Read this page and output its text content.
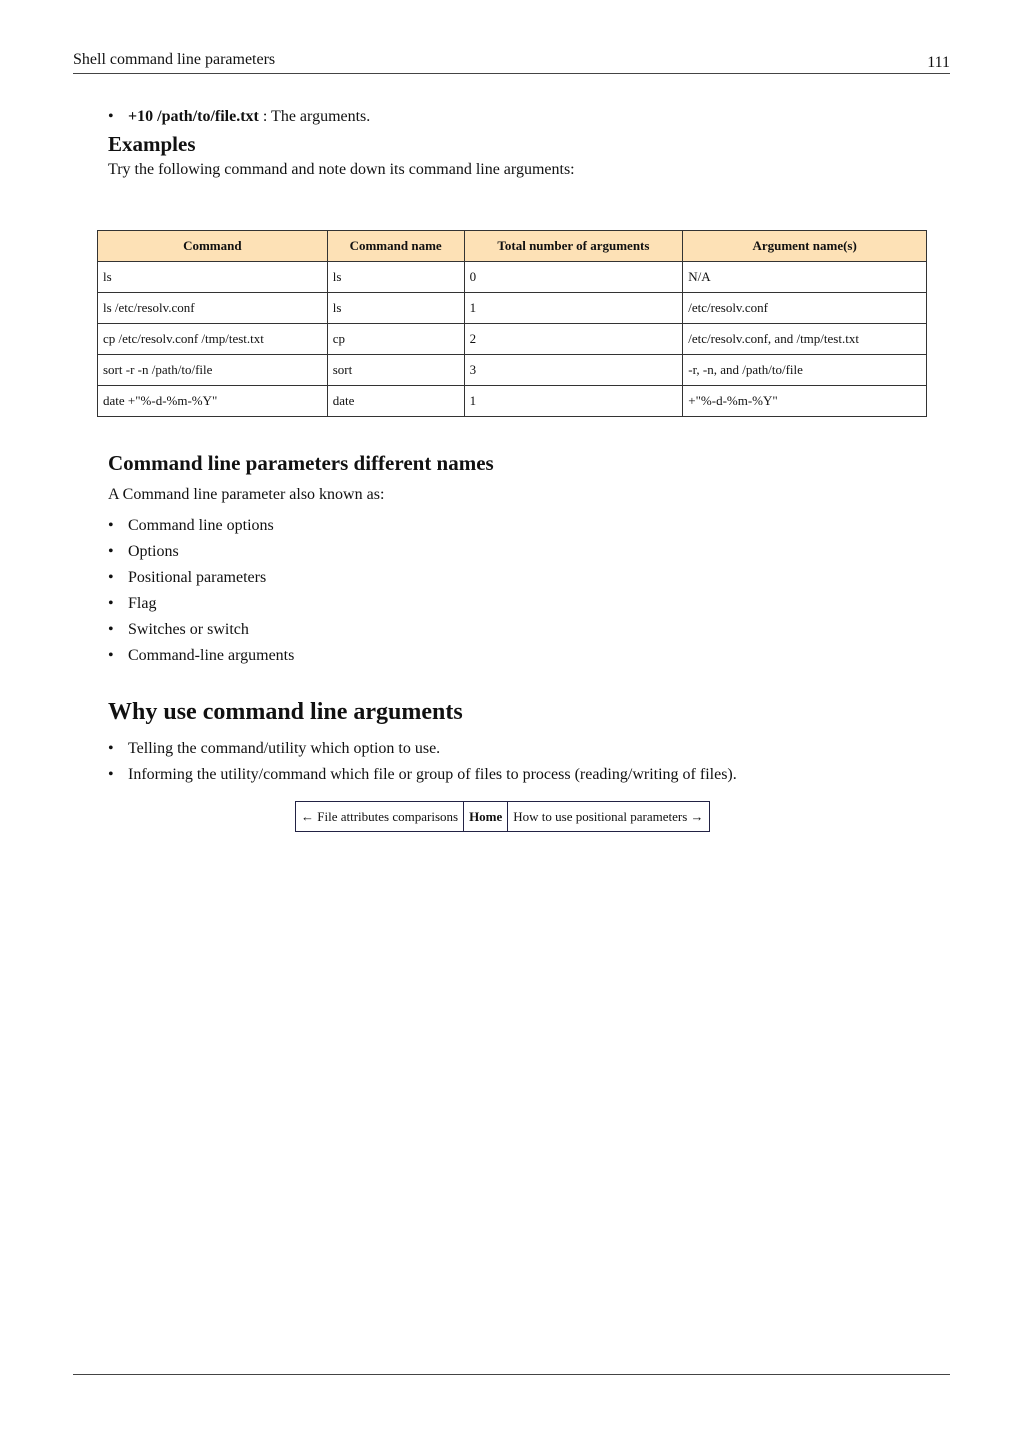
Shell command line parameters	111
• +10 /path/to/file.txt : The arguments.
Examples

Try the following command and note down its command line arguments:

Command	Command name	Total number of arguments	Argument name(s)
ls	ls	0	N/A
ls /etc/resolv.conf	ls	1	/etc/resolv.conf
cp /etc/resolv.conf /tmp/test.txt	cp	2	/etc/resolv.conf, and /tmp/test.txt
sort -r -n /path/to/file	sort	3	-r, -n, and /path/to/file
date +"%-d-%m-%Y"	date	1	+"%-d-%m-%Y"
Command line parameters different names

A Command line parameter also known as:

• Command line options
• Options
• Positional parameters
• Flag
• Switches or switch
• Command-line arguments
Why use command line arguments
• Telling the command/utility which option to use.
• Informing the utility/command which file or group of files to process (reading/writing of files).
← File attributes comparisons	Home	How to use positional parameters →
